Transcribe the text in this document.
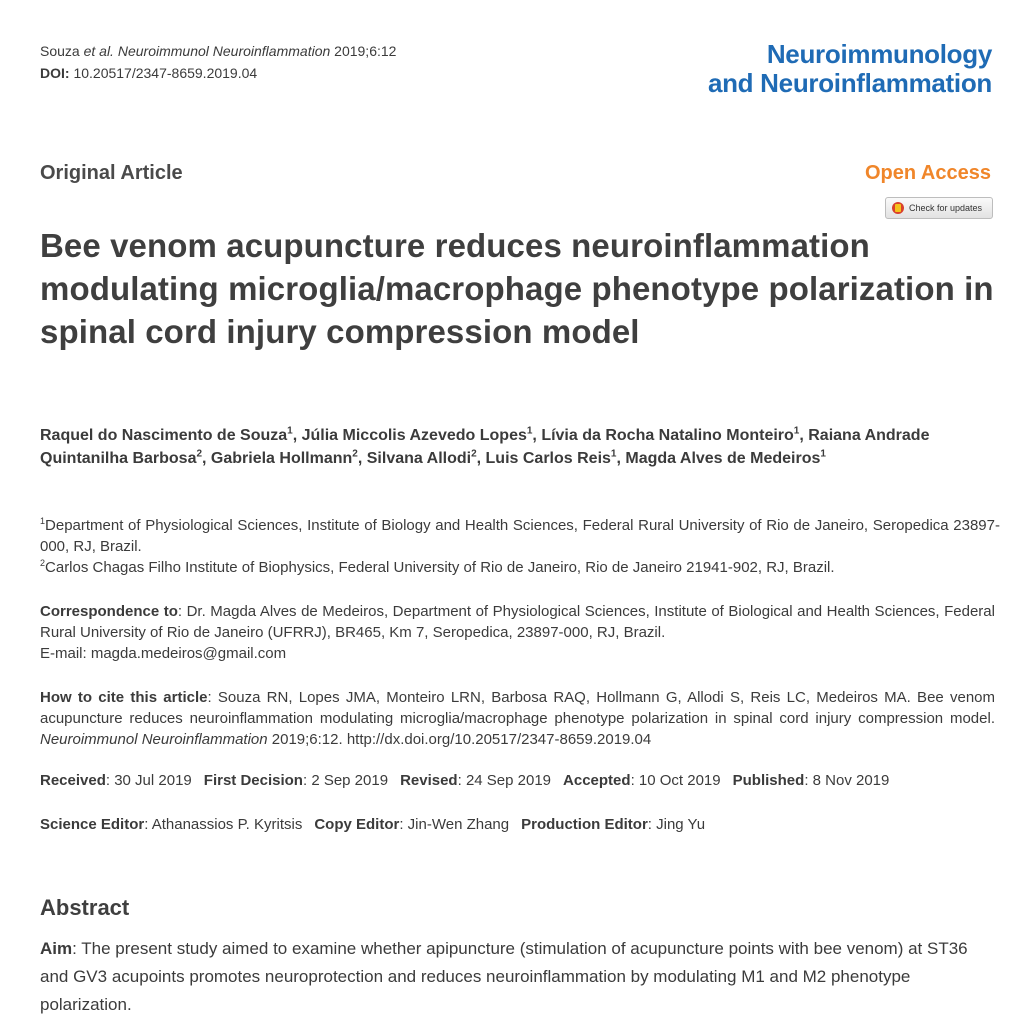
Souza et al. Neuroimmunol Neuroinflammation 2019;6:12
DOI: 10.20517/2347-8659.2019.04
Neuroimmunology
and Neuroinflammation
Original Article	Open Access
Check for updates
Bee venom acupuncture reduces neuroinflammation modulating microglia/macrophage phenotype polarization in spinal cord injury compression model
Raquel do Nascimento de Souza$^1$, Júlia Miccolis Azevedo Lopes$^1$, Lívia da Rocha Natalino Monteiro$^1$, Raiana Andrade Quintanilha Barbosa$^2$, Gabriela Hollmann$^2$, Silvana Allodi$^2$, Luis Carlos Reis$^1$, Magda Alves de Medeiros$^1$
$^1$Department of Physiological Sciences, Institute of Biology and Health Sciences, Federal Rural University of Rio de Janeiro, Seropedica 23897-000, RJ, Brazil.
$^2$Carlos Chagas Filho Institute of Biophysics, Federal University of Rio de Janeiro, Rio de Janeiro 21941-902, RJ, Brazil.
Correspondence to: Dr. Magda Alves de Medeiros, Department of Physiological Sciences, Institute of Biological and Health Sciences, Federal Rural University of Rio de Janeiro (UFRRJ), BR465, Km 7, Seropedica, 23897-000, RJ, Brazil.
E-mail: magda.medeiros@gmail.com
How to cite this article: Souza RN, Lopes JMA, Monteiro LRN, Barbosa RAQ, Hollmann G, Allodi S, Reis LC, Medeiros MA. Bee venom acupuncture reduces neuroinflammation modulating microglia/macrophage phenotype polarization in spinal cord injury compression model. Neuroimmunol Neuroinflammation 2019;6:12. http://dx.doi.org/10.20517/2347-8659.2019.04
Received: 30 Jul 2019 First Decision: 2 Sep 2019 Revised: 24 Sep 2019 Accepted: 10 Oct 2019 Published: 8 Nov 2019
Science Editor: Athanassios P. Kyritsis Copy Editor: Jin-Wen Zhang Production Editor: Jing Yu
Abstract
Aim: The present study aimed to examine whether apipuncture (stimulation of acupuncture points with bee venom) at ST36 and GV3 acupoints promotes neuroprotection and reduces neuroinflammation by modulating M1 and M2 phenotype polarization.
